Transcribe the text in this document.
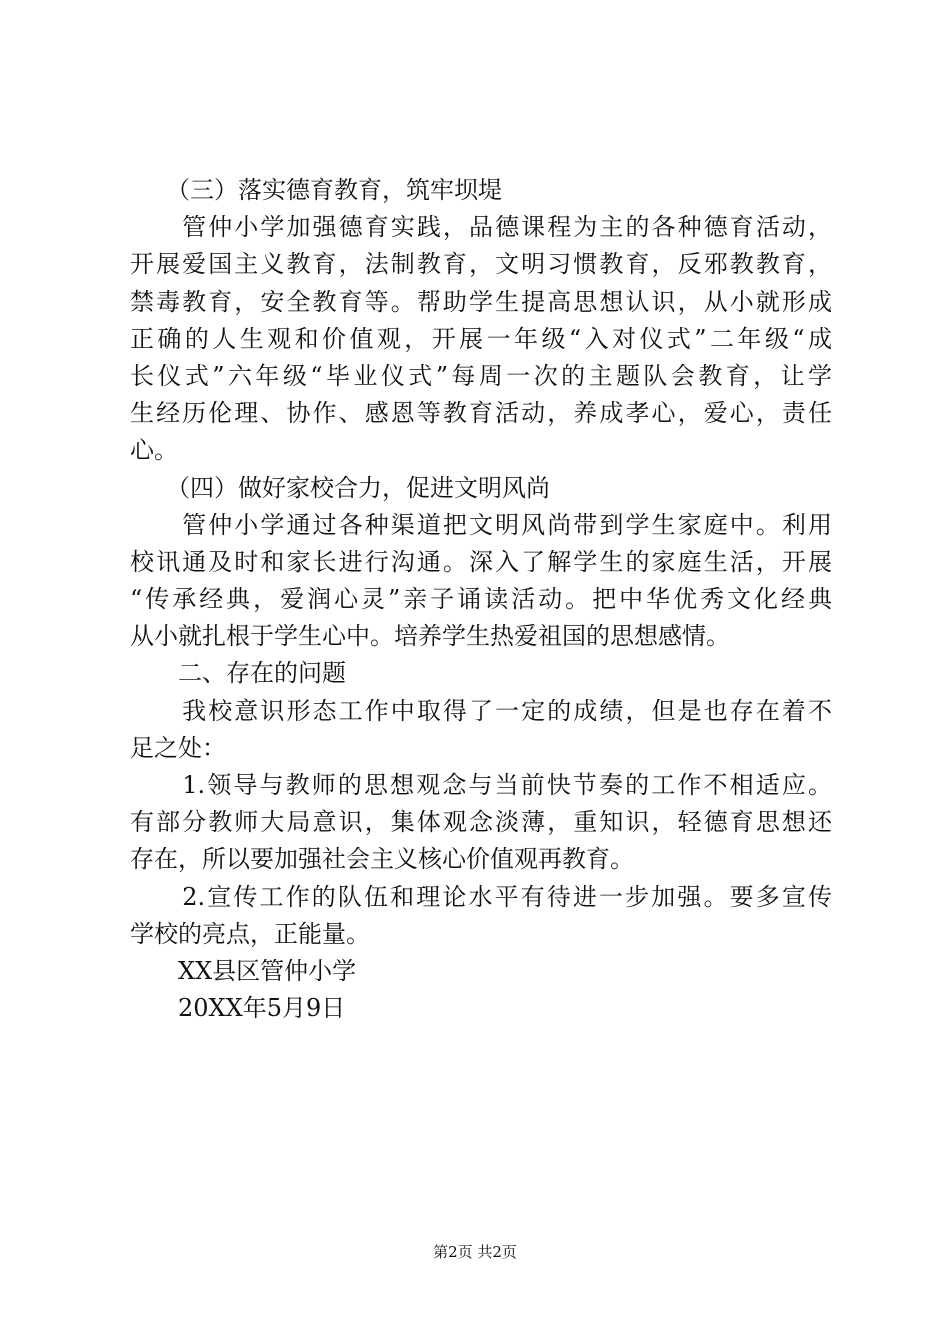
　　（三）落实德育教育，筑牢坝堤
　　管仲小学加强德育实践，品德课程为主的各种德育活动，
开展爱国主义教育，法制教育，文明习惯教育，反邪教教育，
禁毒教育，安全教育等。帮助学生提高思想认识，从小就形成
正确的人生观和价值观，开展一年级“入对仪式”二年级“成
长仪式”六年级“毕业仪式”每周一次的主题队会教育，让学
生经历伦理、协作、感恩等教育活动，养成孝心，爱心，责任
心。
　　（四）做好家校合力，促进文明风尚
　　管仲小学通过各种渠道把文明风尚带到学生家庭中。利用
校讯通及时和家长进行沟通。深入了解学生的家庭生活，开展
“传承经典，爱润心灵”亲子诵读活动。把中华优秀文化经典
从小就扎根于学生心中。培养学生热爱祖国的思想感情。
　　二、存在的问题
　　我校意识形态工作中取得了一定的成绩，但是也存在着不
足之处：
　　1.领导与教师的思想观念与当前快节奏的工作不相适应。
有部分教师大局意识，集体观念淡薄，重知识，轻德育思想还
存在，所以要加强社会主义核心价值观再教育。
　　2.宣传工作的队伍和理论水平有待进一步加强。要多宣传
学校的亮点，正能量。
　　XX县区管仲小学
　　20XX年5月9日
第2页 共2页
